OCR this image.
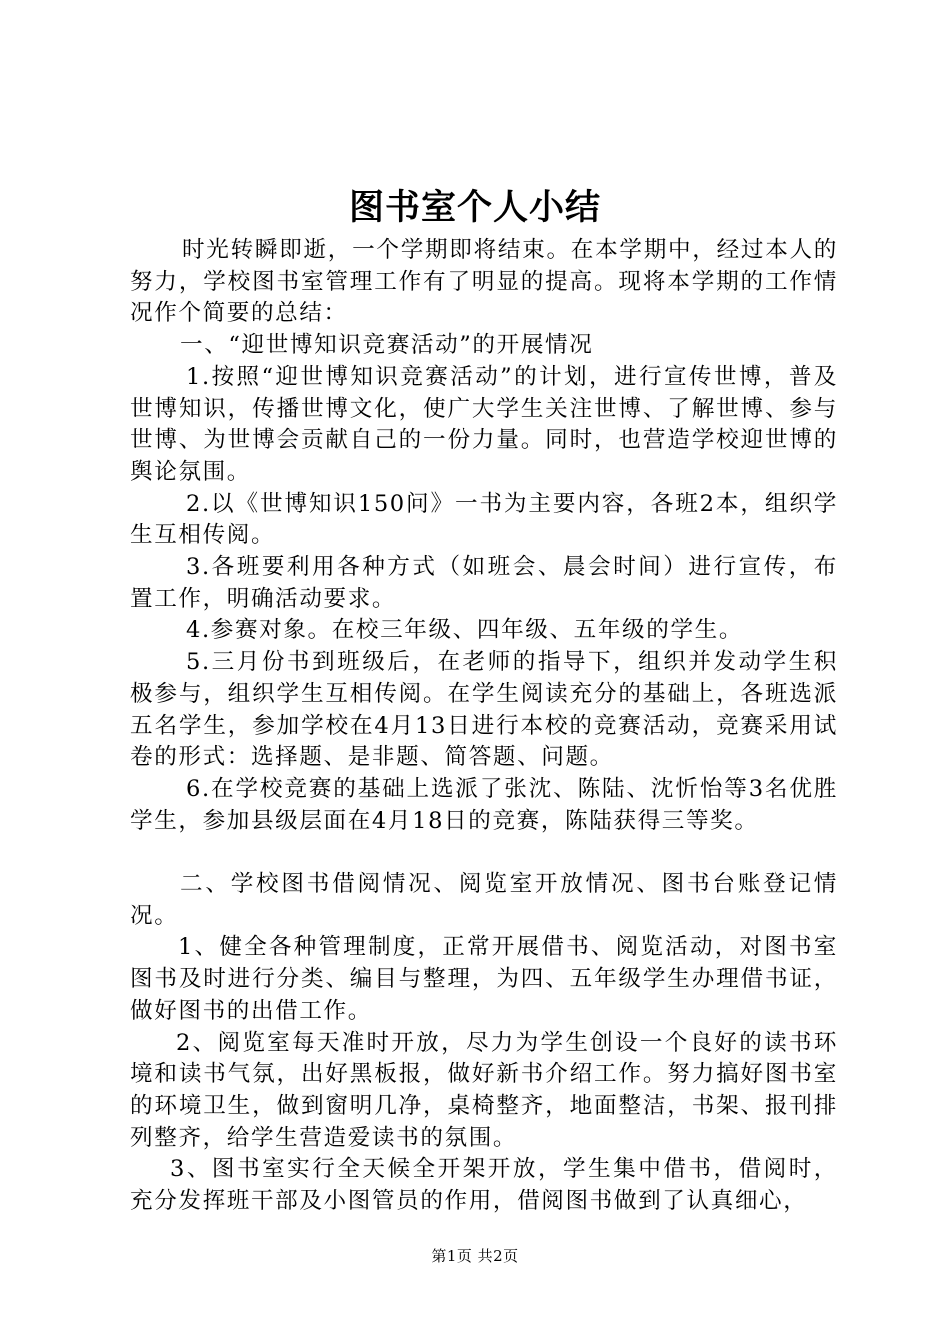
图书室个人小结

时光转瞬即逝，一个学期即将结束。在本学期中，经过本人的努力，学校图书室管理工作有了明显的提高。现将本学期的工作情况作个简要的总结：

一、“迎世博知识竞赛活动”的开展情况

1.按照“迎世博知识竞赛活动”的计划，进行宣传世博，普及世博知识，传播世博文化，使广大学生关注世博、了解世博、参与世博、为世博会贡献自己的一份力量。同时，也营造学校迎世博的舆论氛围。

2.以《世博知识150问》一书为主要内容，各班2本，组织学生互相传阅。

3.各班要利用各种方式（如班会、晨会时间）进行宣传，布置工作，明确活动要求。

4.参赛对象。在校三年级、四年级、五年级的学生。

5.三月份书到班级后，在老师的指导下，组织并发动学生积极参与，组织学生互相传阅。在学生阅读充分的基础上，各班选派五名学生，参加学校在4月13日进行本校的竞赛活动，竞赛采用试卷的形式：选择题、是非题、简答题、问题。

6.在学校竞赛的基础上选派了张沈、陈陆、沈忻怡等3名优胜学生，参加县级层面在4月18日的竞赛，陈陆获得三等奖。

二、学校图书借阅情况、阅览室开放情况、图书台账登记情况。

1、健全各种管理制度，正常开展借书、阅览活动，对图书室图书及时进行分类、编目与整理，为四、五年级学生办理借书证，做好图书的出借工作。

2、阅览室每天准时开放，尽力为学生创设一个良好的读书环境和读书气氛，出好黑板报，做好新书介绍工作。努力搞好图书室的环境卫生，做到窗明几净，桌椅整齐，地面整洁，书架、报刊排列整齐，给学生营造爱读书的氛围。

3、图书室实行全天候全开架开放，学生集中借书，借阅时，充分发挥班干部及小图管员的作用，借阅图书做到了认真细心，

第1页 共2页
